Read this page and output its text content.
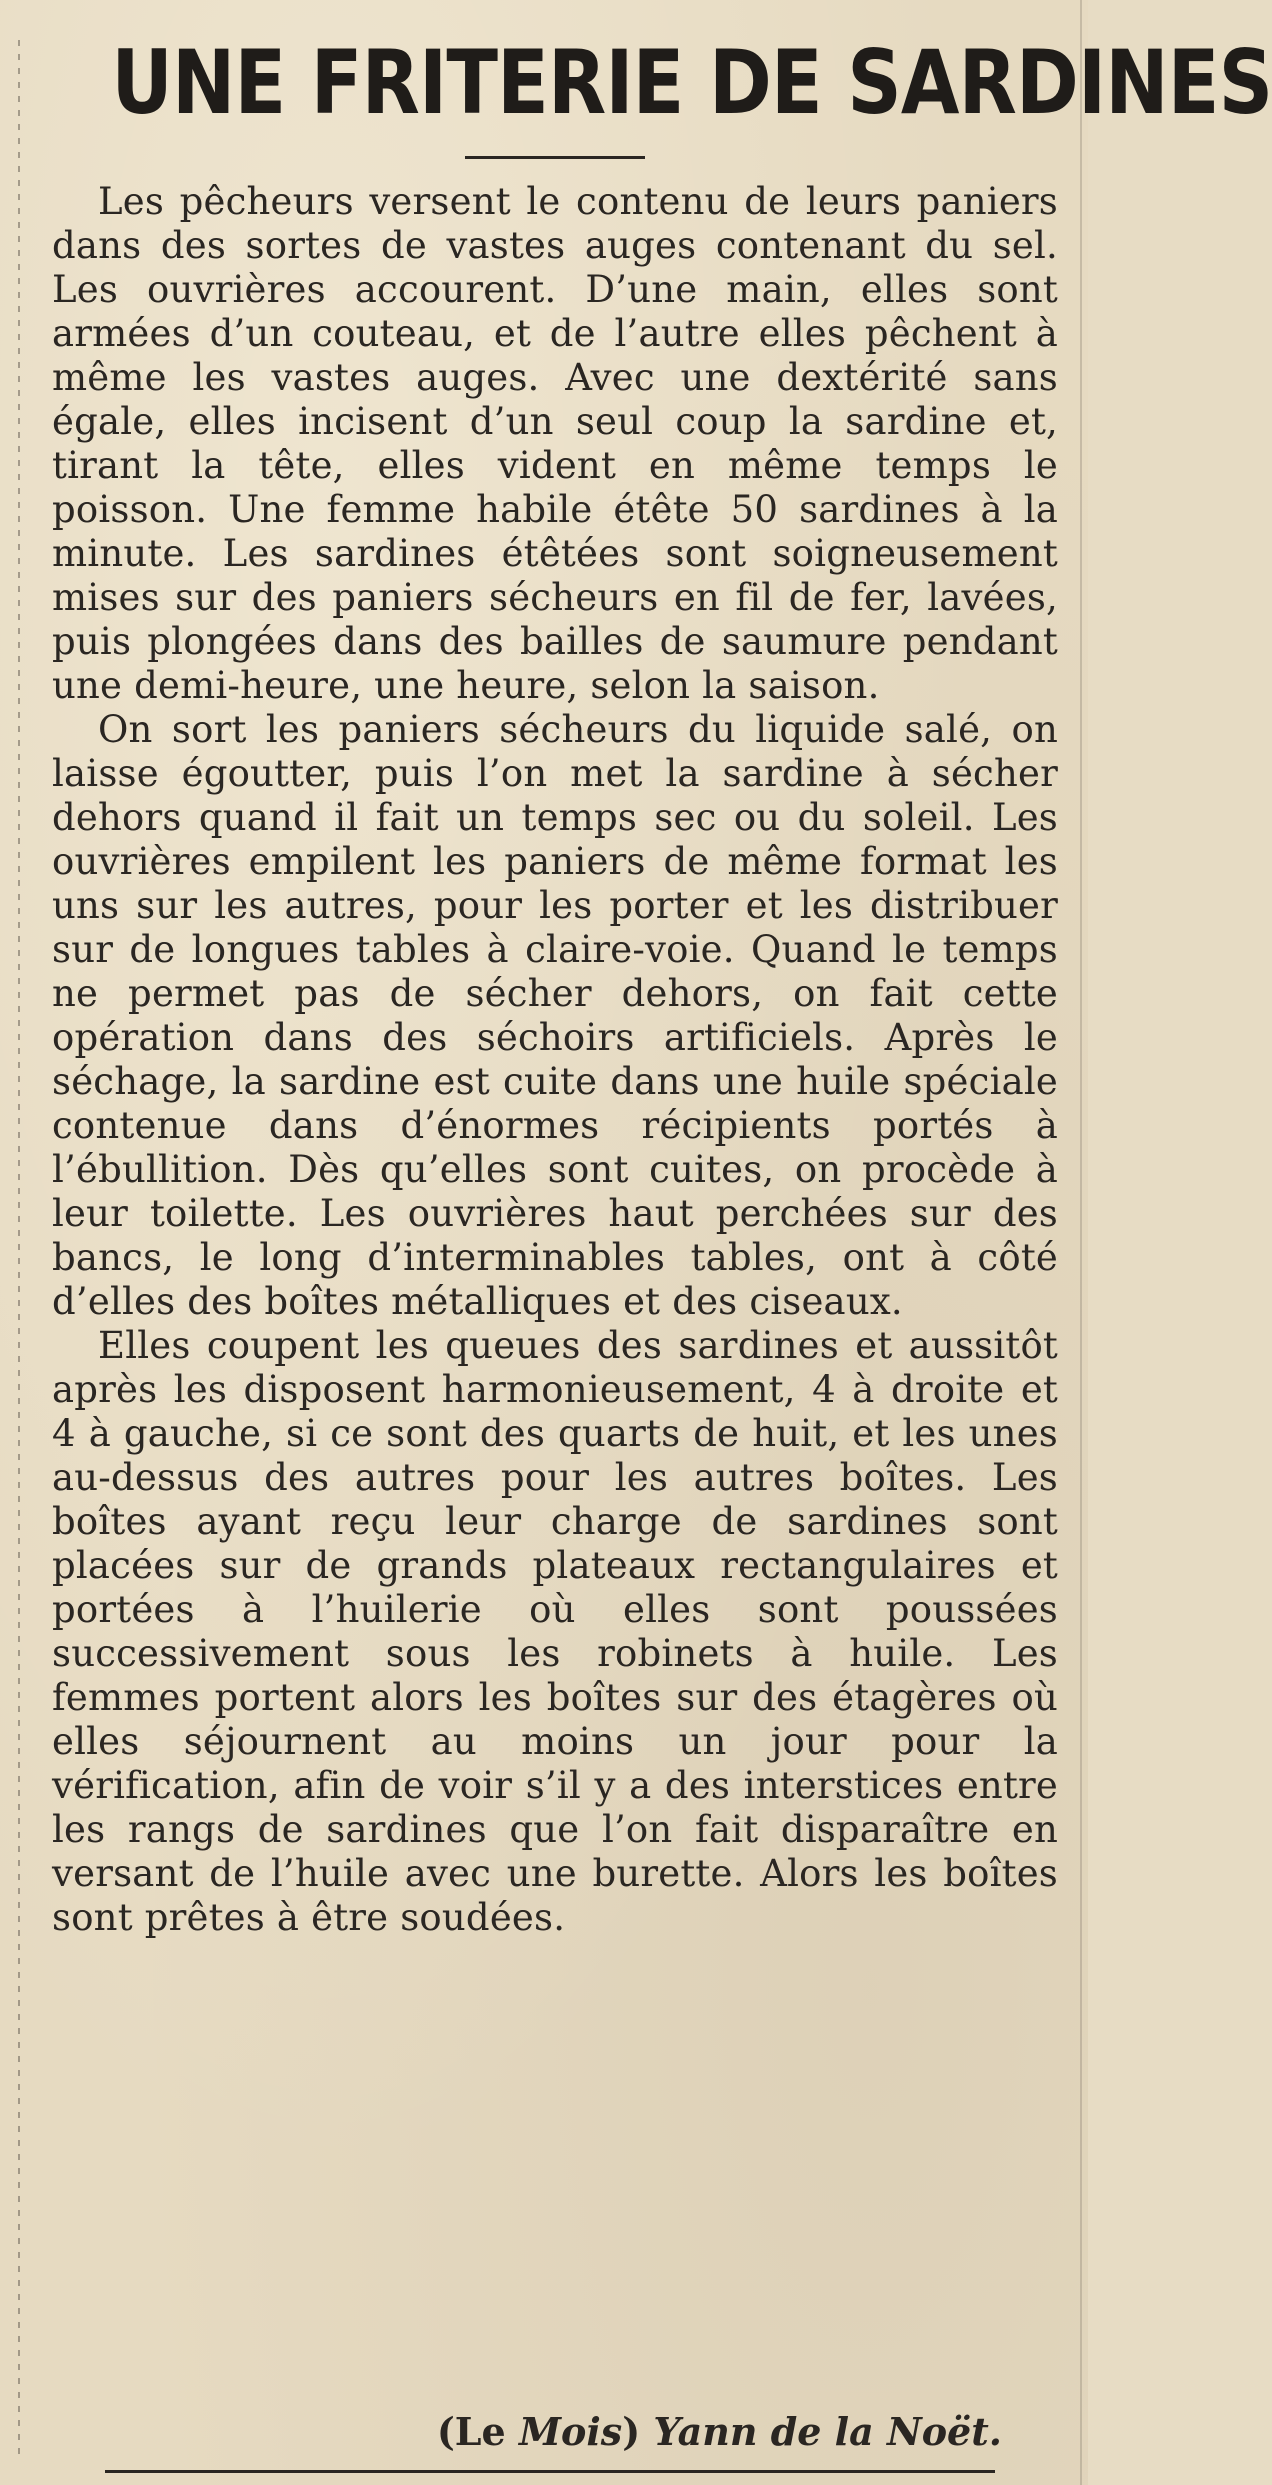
UNE FRITERIE DE SARDINES

Les pêcheurs versent le contenu de leurs paniers dans des sortes de vastes auges contenant du sel. Les ouvrières accourent. D’une main, elles sont armées d’un couteau, et de l’autre elles pêchent à même les vastes auges. Avec une dextérité sans égale, elles incisent d’un seul coup la sardine et, tirant la tête, elles vident en même temps le poisson. Une femme habile étête 50 sardines à la minute. Les sardines étêtées sont soigneusement mises sur des paniers sécheurs en fil de fer, lavées, puis plongées dans des bailles de saumure pendant une demi-heure, une heure, selon la saison.

On sort les paniers sécheurs du liquide salé, on laisse égoutter, puis l’on met la sardine à sécher dehors quand il fait un temps sec ou du soleil. Les ouvrières empilent les paniers de même format les uns sur les autres, pour les porter et les distribuer sur de longues tables à claire-voie. Quand le temps ne permet pas de sécher dehors, on fait cette opération dans des séchoirs artificiels. Après le séchage, la sardine est cuite dans une huile spéciale contenue dans d’énormes récipients portés à l’ébullition. Dès qu’elles sont cuites, on procède à leur toilette. Les ouvrières haut perchées sur des bancs, le long d’interminables tables, ont à côté d’elles des boîtes métalliques et des ciseaux.

Elles coupent les queues des sardines et aussitôt après les disposent harmonieusement, 4 à droite et 4 à gauche, si ce sont des quarts de huit, et les unes au-dessus des autres pour les autres boîtes. Les boîtes ayant reçu leur charge de sardines sont placées sur de grands plateaux rectangulaires et portées à l’huilerie où elles sont poussées successivement sous les robinets à huile. Les femmes portent alors les boîtes sur des étagères où elles séjournent au moins un jour pour la vérification, afin de voir s’il y a des interstices entre les rangs de sardines que l’on fait disparaître en versant de l’huile avec une burette. Alors les boîtes sont prêtes à être soudées.

(Le Mois) Yann de la Noët.
